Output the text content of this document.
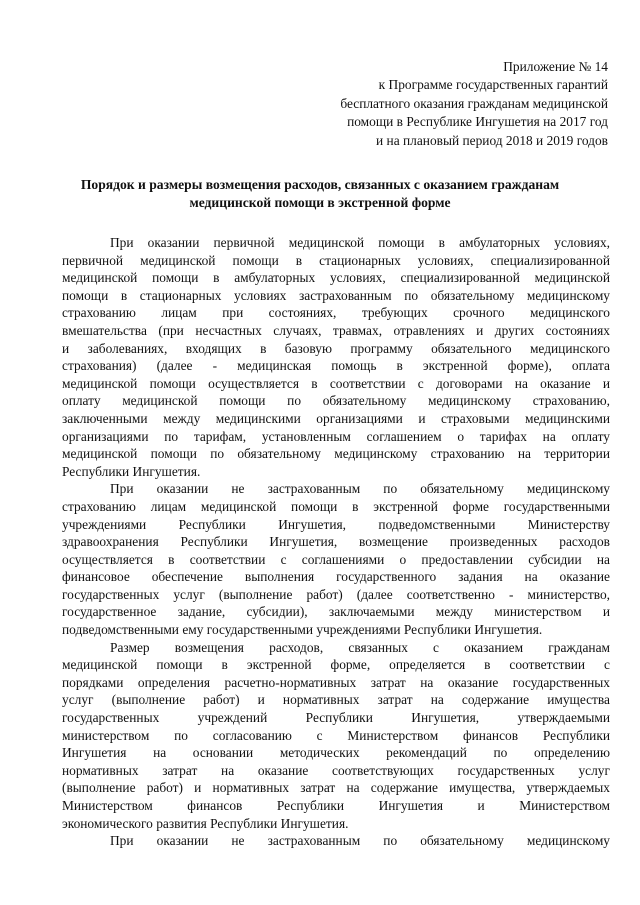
Приложение № 14
к Программе государственных гарантий
бесплатного оказания гражданам медицинской
помощи в Республике Ингушетия на 2017 год
и на плановый период 2018 и 2019 годов
Порядок и размеры возмещения расходов, связанных с оказанием гражданам
медицинской помощи в экстренной форме
При оказании первичной медицинской помощи в амбулаторных условиях,
первичной медицинской помощи в стационарных условиях, специализированной
медицинской помощи в амбулаторных условиях, специализированной медицинской
помощи в стационарных условиях застрахованным по обязательному медицинскому
страхованию лицам при состояниях, требующих срочного медицинского
вмешательства (при несчастных случаях, травмах, отравлениях и других состояниях
и заболеваниях, входящих в базовую программу обязательного медицинского
страхования) (далее - медицинская помощь в экстренной форме), оплата
медицинской помощи осуществляется в соответствии с договорами на оказание и
оплату медицинской помощи по обязательному медицинскому страхованию,
заключенными между медицинскими организациями и страховыми медицинскими
организациями по тарифам, установленным соглашением о тарифах на оплату
медицинской помощи по обязательному медицинскому страхованию на территории
Республики Ингушетия.
При оказании не застрахованным по обязательному медицинскому
страхованию лицам медицинской помощи в экстренной форме государственными
учреждениями Республики Ингушетия, подведомственными Министерству
здравоохранения Республики Ингушетия, возмещение произведенных расходов
осуществляется в соответствии с соглашениями о предоставлении субсидии на
финансовое обеспечение выполнения государственного задания на оказание
государственных услуг (выполнение работ) (далее соответственно - министерство,
государственное задание, субсидии), заключаемыми между министерством и
подведомственными ему государственными учреждениями Республики Ингушетия.
Размер возмещения расходов, связанных с оказанием гражданам
медицинской помощи в экстренной форме, определяется в соответствии с
порядками определения расчетно-нормативных затрат на оказание государственных
услуг (выполнение работ) и нормативных затрат на содержание имущества
государственных учреждений Республики Ингушетия, утверждаемыми
министерством по согласованию с Министерством финансов Республики
Ингушетия на основании методических рекомендаций по определению
нормативных затрат на оказание соответствующих государственных услуг
(выполнение работ) и нормативных затрат на содержание имущества, утверждаемых
Министерством финансов Республики Ингушетия и Министерством
экономического развития Республики Ингушетия.
При оказании не застрахованным по обязательному медицинскому
